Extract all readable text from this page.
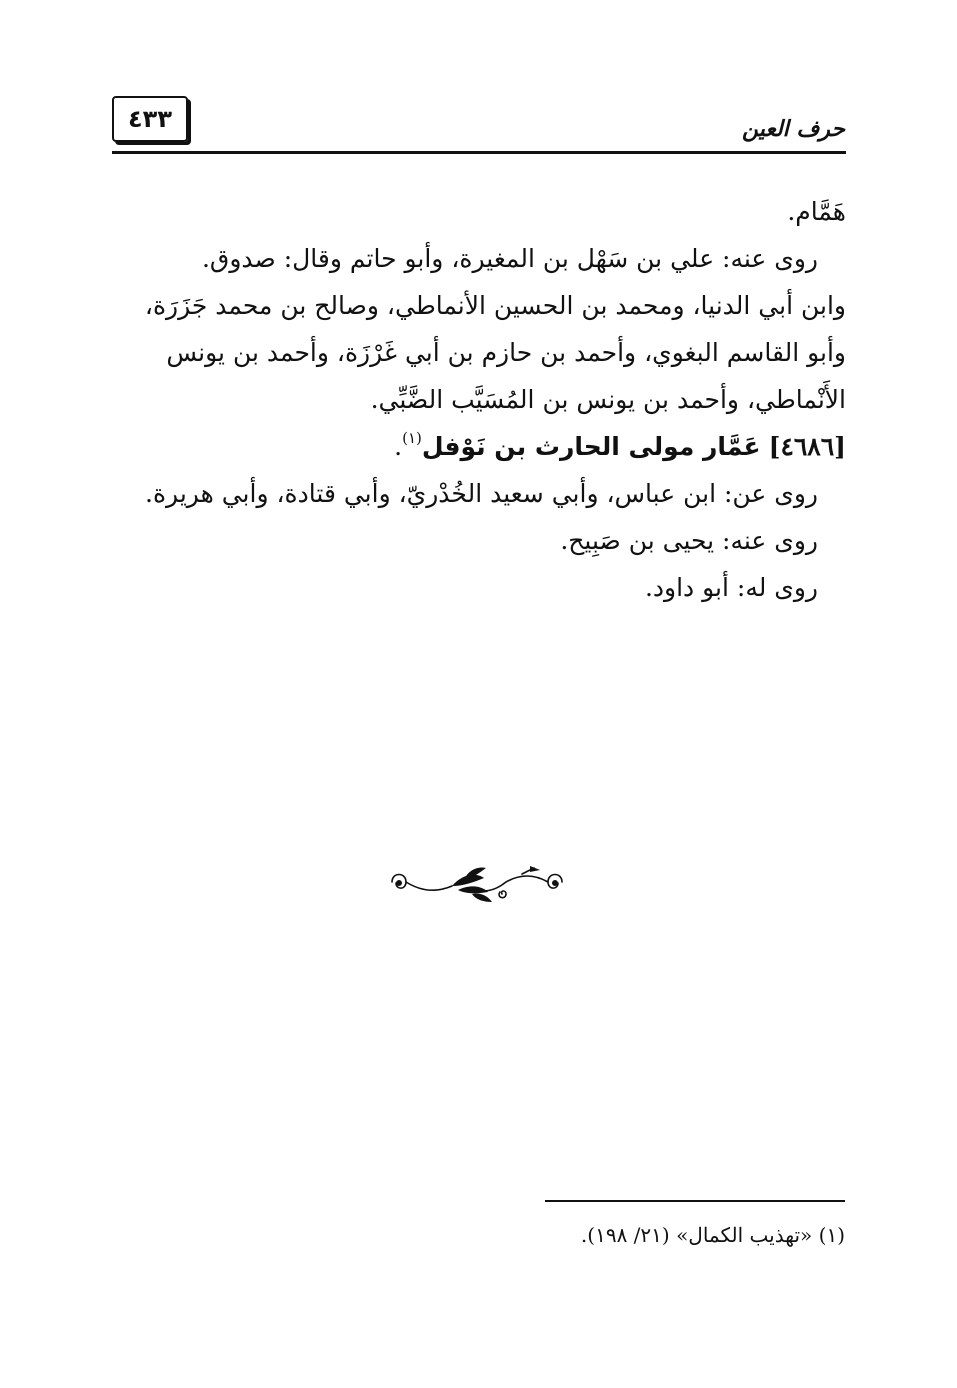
٤٣٣	حرف العين
هَمَّام.
روى عنه: علي بن سَهْل بن المغيرة، وأبو حاتم وقال: صدوق.
وابن أبي الدنيا، ومحمد بن الحسين الأنماطي، وصالح بن محمد جَزَرَة،
وأبو القاسم البغوي، وأحمد بن حازم بن أبي غَرْزَة، وأحمد بن يونس
الأَنْماطي، وأحمد بن يونس بن المُسَيَّب الضَّبِّي.
[٤٦٨٦] عَمَّار مولى الحارث بن نَوْفل$^{(١)}$.
روى عن: ابن عباس، وأبي سعيد الخُدْريّ، وأبي قتادة، وأبي هريرة.
روى عنه: يحيى بن صَبِيح.
روى له: أبو داود.
(١) «تهذيب الكمال» (٢١/ ١٩٨).
